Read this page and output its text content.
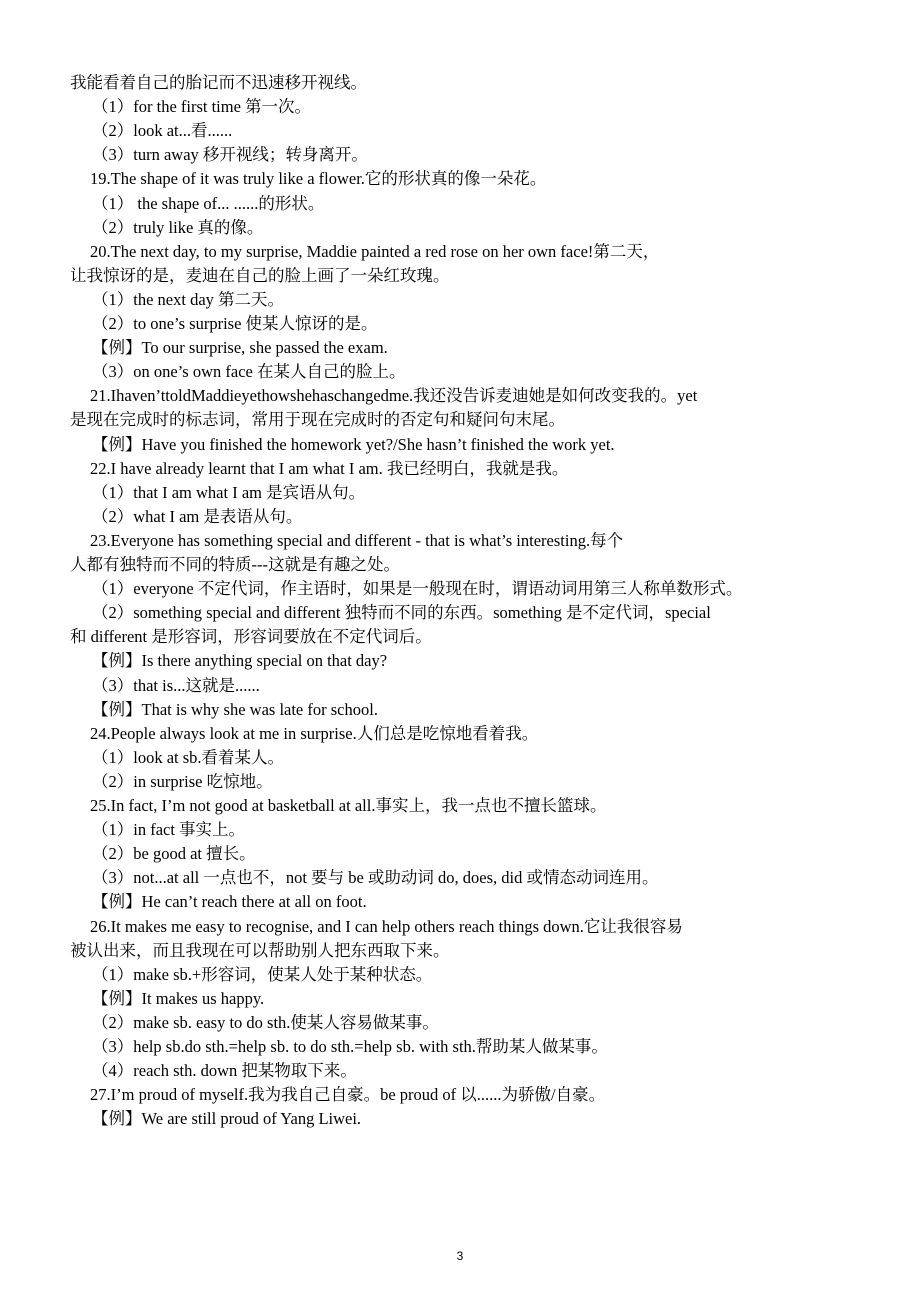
我能看着自己的胎记而不迅速移开视线。
（1）for the first time 第一次。
（2）look at...看......
（3）turn away 移开视线；转身离开。
19.The shape of it was truly like a flower.它的形状真的像一朵花。
（1） the shape of... ......的形状。
（2）truly like 真的像。
20.The next day, to my surprise, Maddie painted a red rose on her own face!第二天，
让我惊讶的是，麦迪在自己的脸上画了一朵红玫瑰。
（1）the next day 第二天。
（2）to one’s surprise 使某人惊讶的是。
【例】To our surprise, she passed the exam.
（3）on one’s own face 在某人自己的脸上。
21.Ihaven’ttoldMaddieyethowshehaschangedme.我还没告诉麦迪她是如何改变我的。yet
是现在完成时的标志词，常用于现在完成时的否定句和疑问句末尾。
【例】Have you finished the homework yet?/She hasn’t finished the work yet.
22.I have already learnt that I am what I am. 我已经明白，我就是我。
（1）that I am what I am 是宾语从句。
（2）what I am 是表语从句。
23.Everyone has something special and different - that is what’s interesting.每个
人都有独特而不同的特质---这就是有趣之处。
（1）everyone 不定代词，作主语时，如果是一般现在时，谓语动词用第三人称单数形式。
（2）something special and different 独特而不同的东西。something 是不定代词，special
和 different 是形容词，形容词要放在不定代词后。
【例】Is there anything special on that day?
（3）that is...这就是......
【例】That is why she was late for school.
24.People always look at me in surprise.人们总是吃惊地看着我。
（1）look at sb.看着某人。
（2）in surprise 吃惊地。
25.In fact, I’m not good at basketball at all.事实上，我一点也不擅长篮球。
（1）in fact 事实上。
（2）be good at 擅长。
（3）not...at all 一点也不，not 要与 be 或助动词 do, does, did 或情态动词连用。
【例】He can’t reach there at all on foot.
26.It makes me easy to recognise, and I can help others reach things down.它让我很容易
被认出来，而且我现在可以帮助别人把东西取下来。
（1）make sb.+形容词，使某人处于某种状态。
【例】It makes us happy.
（2）make sb. easy to do sth.使某人容易做某事。
（3）help sb.do sth.=help sb. to do sth.=help sb. with sth.帮助某人做某事。
（4）reach sth. down 把某物取下来。
27.I’m proud of myself.我为我自己自豪。be proud of 以......为骄傲/自豪。
【例】We are still proud of Yang Liwei.
3
